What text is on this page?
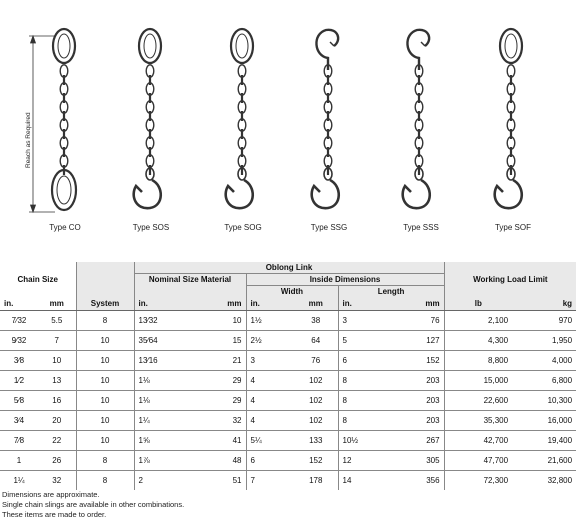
Reach as Required
Type CO	Type SOS	Type SOG	Type SSG	Type SSS	Type SOF
			Oblong Link							
Chain Size			Nominal Size Material		Inside Dimensions				Working Load Limit	
					Width		Length			
in.	mm	System	in.	mm	in.	mm	in.	mm	lb	kg
7⁄32	5.5	8	13⁄32	10	1½	38	3	76	2,100	970
9⁄32	7	10	35⁄64	15	2½	64	5	127	4,300	1,950
3⁄8	10	10	13⁄16	21	3	76	6	152	8,800	4,000
1⁄2	13	10	1⅛	29	4	102	8	203	15,000	6,800
5⁄8	16	10	1⅛	29	4	102	8	203	22,600	10,300
3⁄4	20	10	1¼	32	4	102	8	203	35,300	16,000
7⁄8	22	10	1⅝	41	5¼	133	10½	267	42,700	19,400
1	26	8	1⅞	48	6	152	12	305	47,700	21,600
1¼	32	8	2	51	7	178	14	356	72,300	32,800
Dimensions are approximate.
Single chain slings are available in other combinations.
These items are made to order.
